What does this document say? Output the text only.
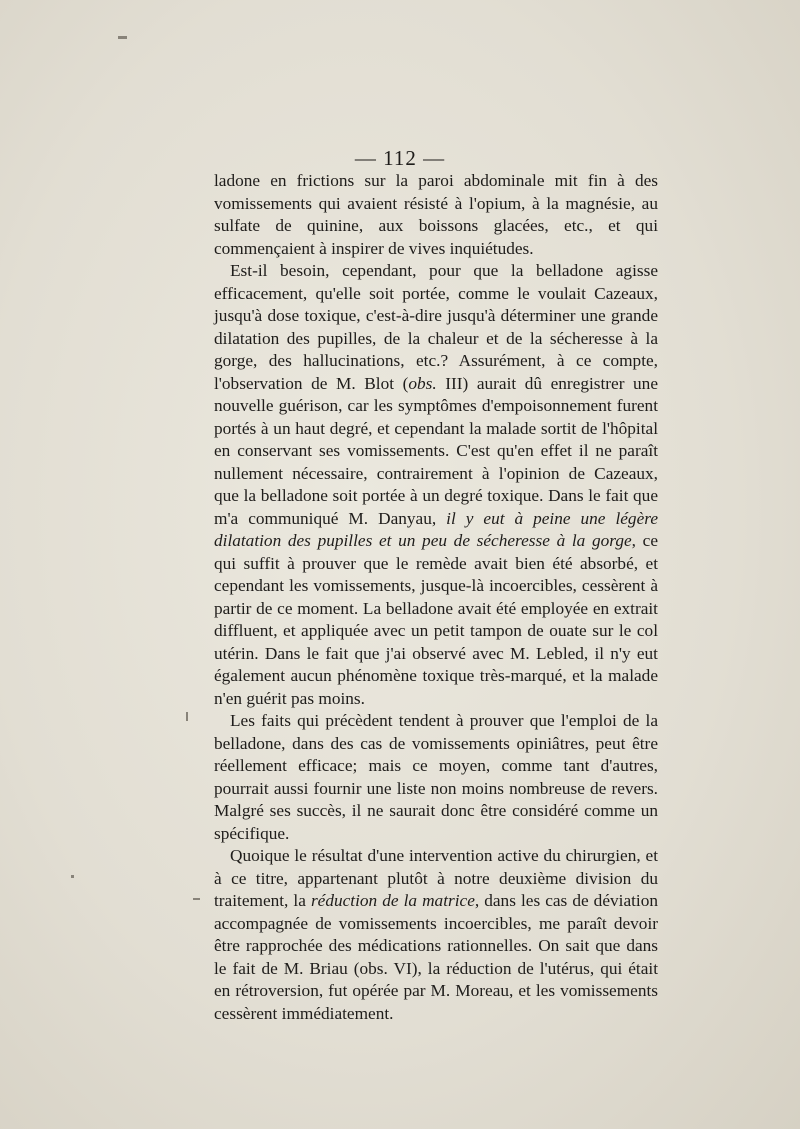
— 112 —

ladone en frictions sur la paroi abdominale mit fin à des vomissements qui avaient résisté à l'opium, à la magnésie, au sulfate de quinine, aux boissons glacées, etc., et qui commençaient à inspirer de vives inquiétudes.

Est-il besoin, cependant, pour que la belladone agisse efficacement, qu'elle soit portée, comme le voulait Cazeaux, jusqu'à dose toxique, c'est-à-dire jusqu'à déterminer une grande dilatation des pupilles, de la chaleur et de la sécheresse à la gorge, des hallucinations, etc.? Assurément, à ce compte, l'observation de M. Blot (obs. III) aurait dû enregistrer une nouvelle guérison, car les symptômes d'empoisonnement furent portés à un haut degré, et cependant la malade sortit de l'hôpital en conservant ses vomissements. C'est qu'en effet il ne paraît nullement nécessaire, contrairement à l'opinion de Cazeaux, que la belladone soit portée à un degré toxique. Dans le fait que m'a communiqué M. Danyau, il y eut à peine une légère dilatation des pupilles et un peu de sécheresse à la gorge, ce qui suffit à prouver que le remède avait bien été absorbé, et cependant les vomissements, jusque-là incoercibles, cessèrent à partir de ce moment. La belladone avait été employée en extrait diffluent, et appliquée avec un petit tampon de ouate sur le col utérin. Dans le fait que j'ai observé avec M. Lebled, il n'y eut également aucun phénomène toxique très-marqué, et la malade n'en guérit pas moins.

Les faits qui précèdent tendent à prouver que l'emploi de la belladone, dans des cas de vomissements opiniâtres, peut être réellement efficace; mais ce moyen, comme tant d'autres, pourrait aussi fournir une liste non moins nombreuse de revers. Malgré ses succès, il ne saurait donc être considéré comme un spécifique.

Quoique le résultat d'une intervention active du chirurgien, et à ce titre, appartenant plutôt à notre deuxième division du traitement, la réduction de la matrice, dans les cas de déviation accompagnée de vomissements incoercibles, me paraît devoir être rapprochée des médications rationnelles. On sait que dans le fait de M. Briau (obs. VI), la réduction de l'utérus, qui était en rétroversion, fut opérée par M. Moreau, et les vomissements cessèrent immédiatement.
